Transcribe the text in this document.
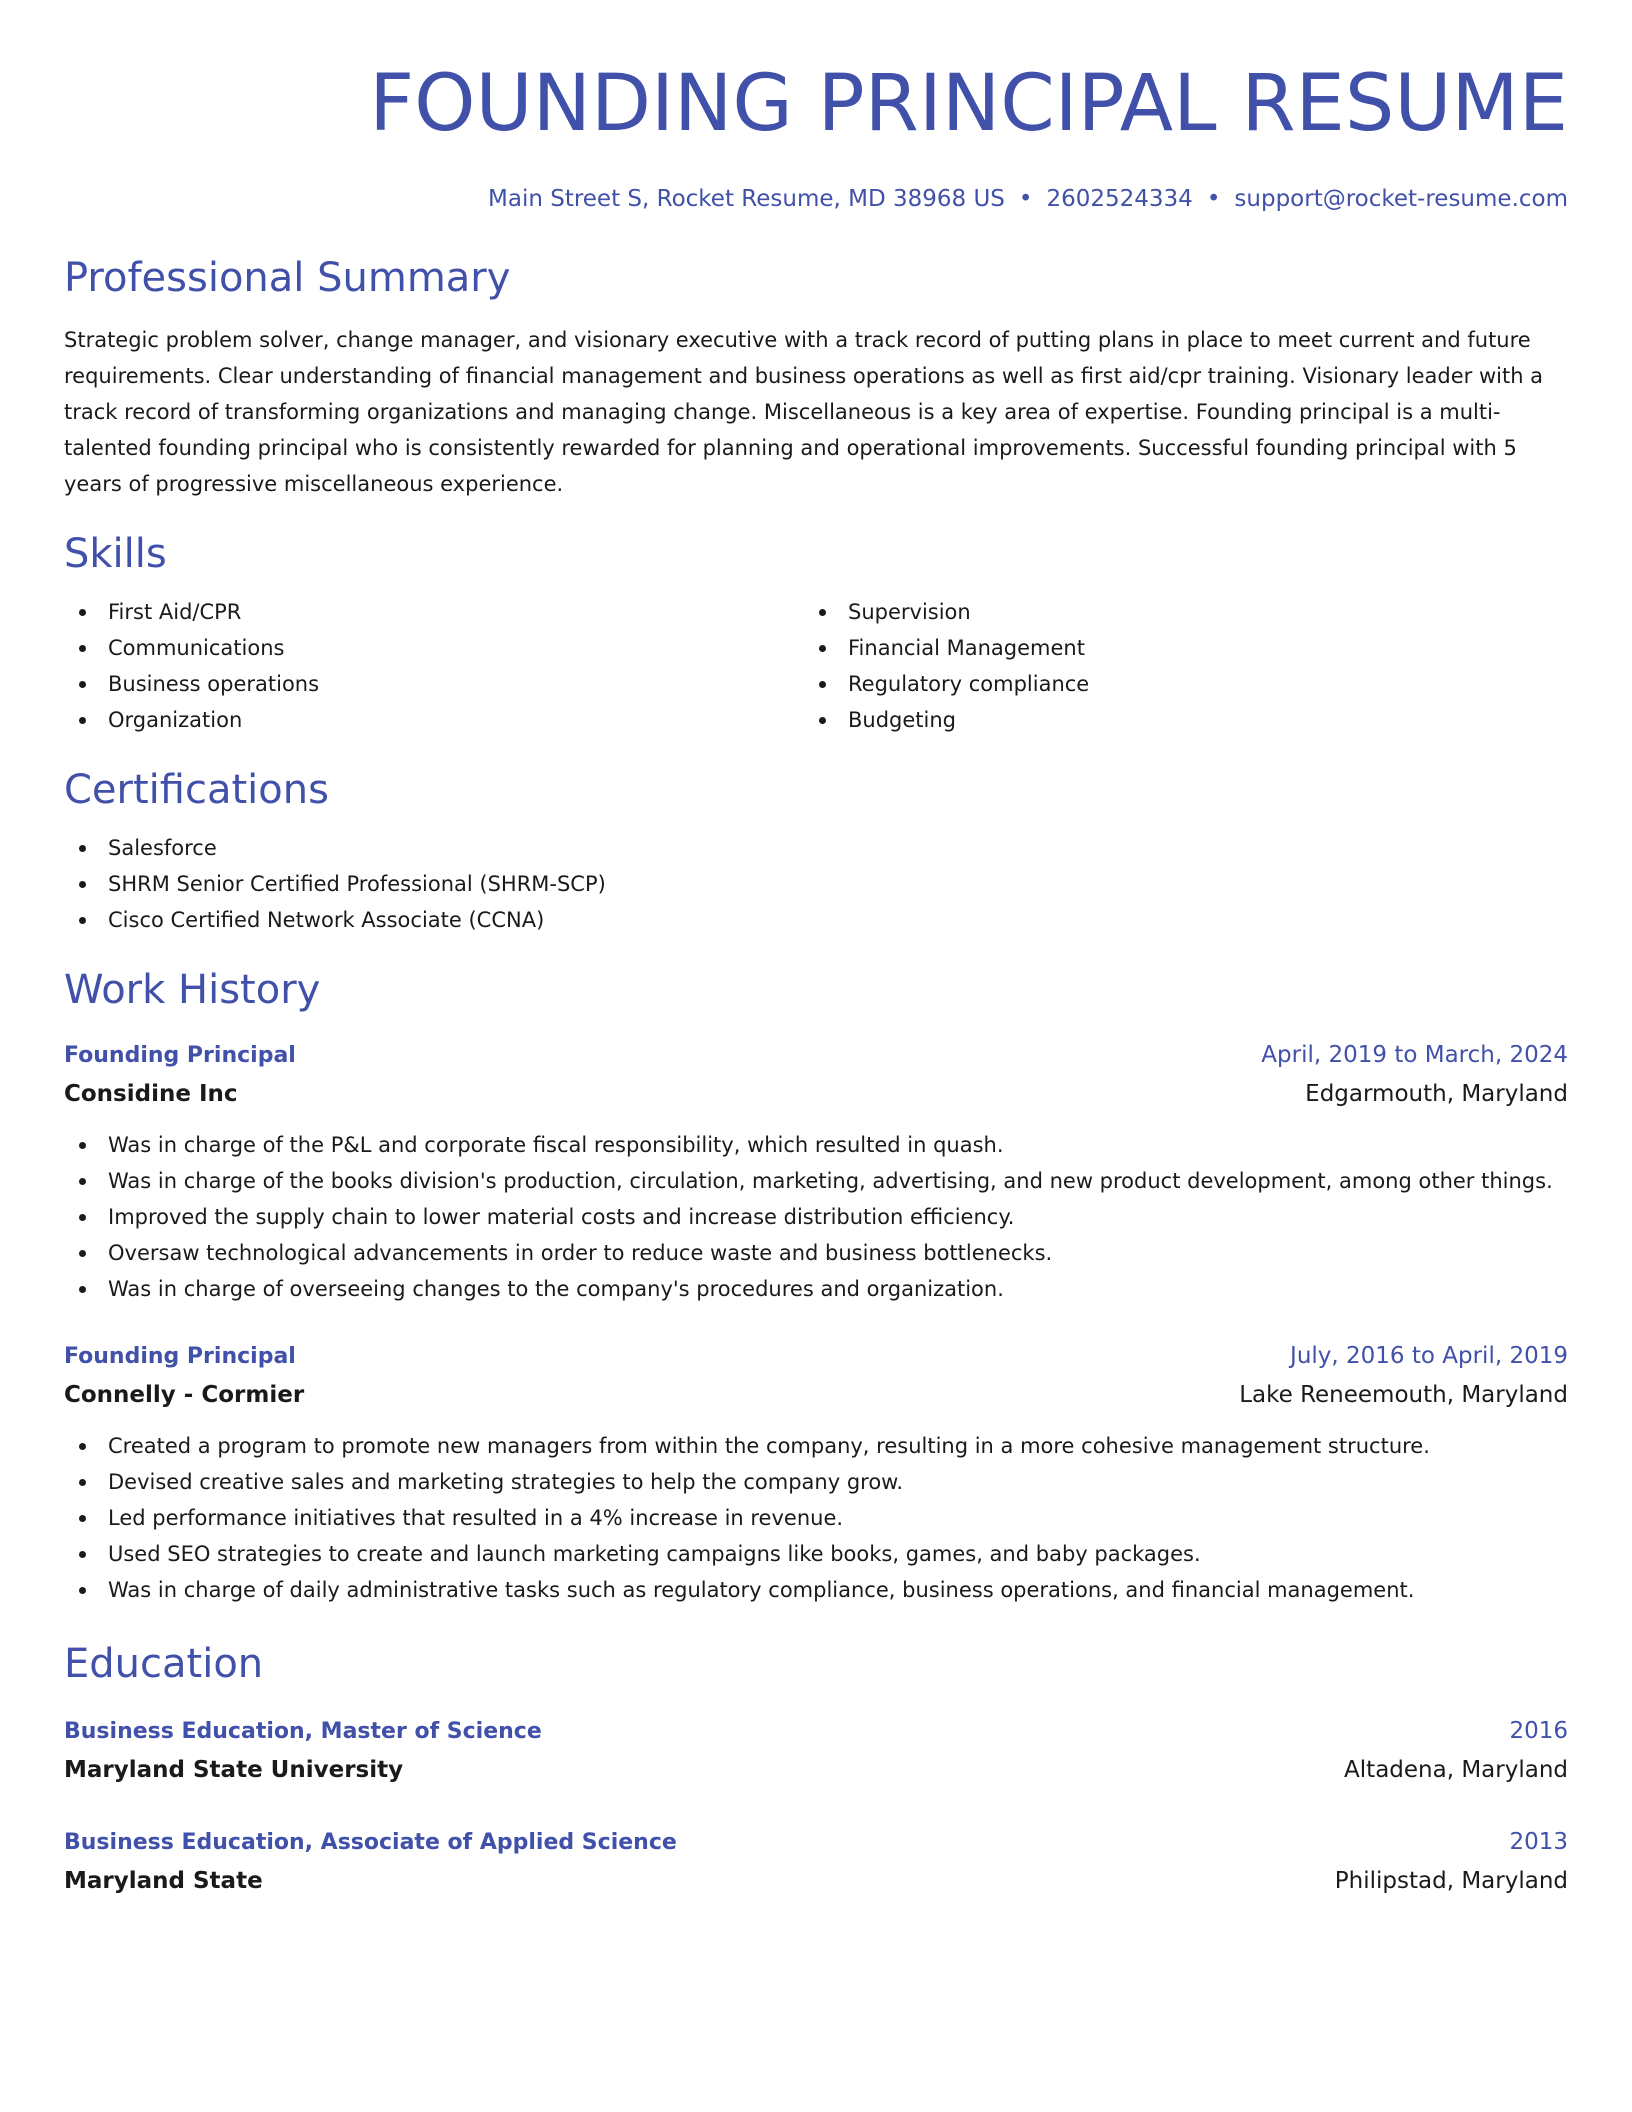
FOUNDING PRINCIPAL RESUME
Main Street S, Rocket Resume, MD 38968 US • 2602524334 • support@rocket-resume.com
Professional Summary

Strategic problem solver, change manager, and visionary executive with a track record of putting plans in place to meet current and future requirements. Clear understanding of financial management and business operations as well as first aid/cpr training. Visionary leader with a track record of transforming organizations and managing change. Miscellaneous is a key area of expertise. Founding principal is a multi-talented founding principal who is consistently rewarded for planning and operational improvements. Successful founding principal with 5 years of progressive miscellaneous experience.

Skills
First Aid/CPR
Communications
Business operations
Organization
Supervision
Financial Management
Regulatory compliance
Budgeting
Certifications
Salesforce
SHRM Senior Certified Professional (SHRM-SCP)
Cisco Certified Network Associate (CCNA)
Work History
Founding Principal	April, 2019 to March, 2024
Considine Inc	Edgarmouth, Maryland
Was in charge of the P&L and corporate fiscal responsibility, which resulted in quash.
Was in charge of the books division's production, circulation, marketing, advertising, and new product development, among other things.
Improved the supply chain to lower material costs and increase distribution efficiency.
Oversaw technological advancements in order to reduce waste and business bottlenecks.
Was in charge of overseeing changes to the company's procedures and organization.
Founding Principal	July, 2016 to April, 2019
Connelly - Cormier	Lake Reneemouth, Maryland
Created a program to promote new managers from within the company, resulting in a more cohesive management structure.
Devised creative sales and marketing strategies to help the company grow.
Led performance initiatives that resulted in a 4% increase in revenue.
Used SEO strategies to create and launch marketing campaigns like books, games, and baby packages.
Was in charge of daily administrative tasks such as regulatory compliance, business operations, and financial management.
Education
Business Education, Master of Science	2016
Maryland State University	Altadena, Maryland
Business Education, Associate of Applied Science	2013
Maryland State	Philipstad, Maryland
